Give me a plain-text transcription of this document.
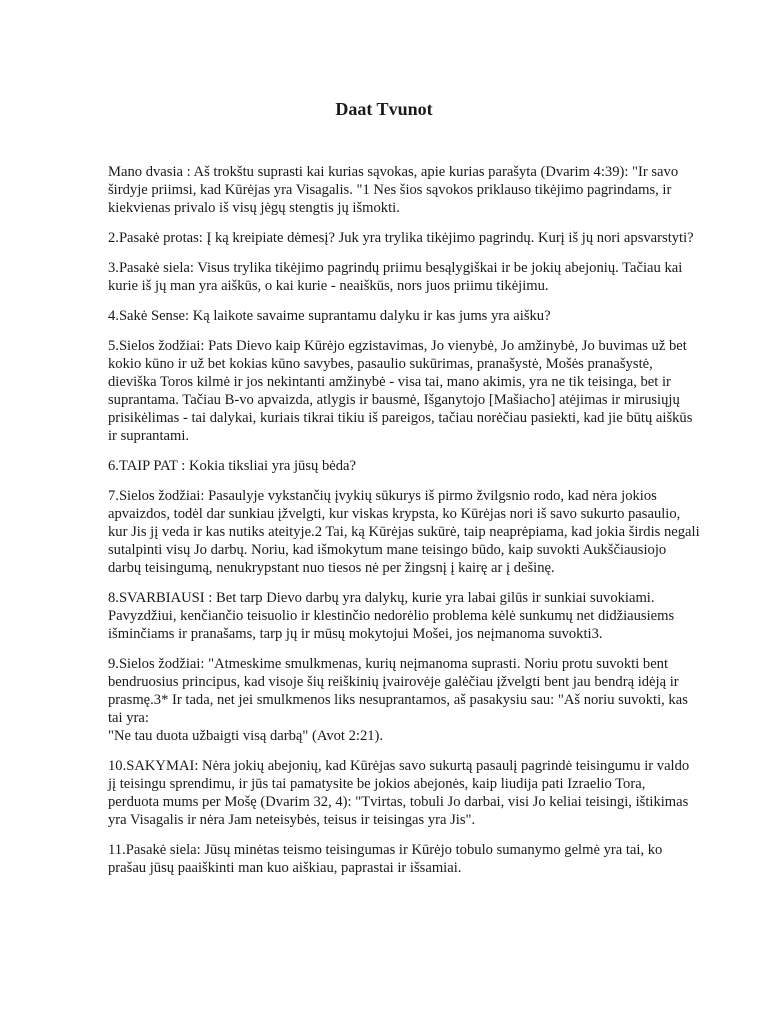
Daat Tvunot

Mano dvasia : Aš trokštu suprasti kai kurias sąvokas, apie kurias parašyta (Dvarim 4:39): "Ir savo širdyje priimsi, kad Kūrėjas yra Visagalis. "1 Nes šios sąvokos priklauso tikėjimo pagrindams, ir kiekvienas privalo iš visų jėgų stengtis jų išmokti.

2.Pasakė protas: Į ką kreipiate dėmesį? Juk yra trylika tikėjimo pagrindų. Kurį iš jų nori apsvarstyti?

3.Pasakė siela: Visus trylika tikėjimo pagrindų priimu besąlygiškai ir be jokių abejonių. Tačiau kai kurie iš jų man yra aiškūs, o kai kurie - neaiškūs, nors juos priimu tikėjimu.

4.Sakė Sense: Ką laikote savaime suprantamu dalyku ir kas jums yra aišku?

5.Sielos žodžiai: Pats Dievo kaip Kūrėjo egzistavimas, Jo vienybė, Jo amžinybė, Jo buvimas už bet kokio kūno ir už bet kokias kūno savybes, pasaulio sukūrimas, pranašystė, Mošės pranašystė, dieviška Toros kilmė ir jos nekintanti amžinybė - visa tai, mano akimis, yra ne tik teisinga, bet ir suprantama. Tačiau B-vo apvaizda, atlygis ir bausmė, Išganytojo [Mašiacho] atėjimas ir mirusiųjų prisikėlimas - tai dalykai, kuriais tikrai tikiu iš pareigos, tačiau norėčiau pasiekti, kad jie būtų aiškūs ir suprantami.

6.TAIP PAT : Kokia tiksliai yra jūsų bėda?

7.Sielos žodžiai: Pasaulyje vykstančių įvykių sūkurys iš pirmo žvilgsnio rodo, kad nėra jokios apvaizdos, todėl dar sunkiau įžvelgti, kur viskas krypsta, ko Kūrėjas nori iš savo sukurto pasaulio, kur Jis jį veda ir kas nutiks ateityje.2 Tai, ką Kūrėjas sukūrė, taip neaprėpiama, kad jokia širdis negali sutalpinti visų Jo darbų. Noriu, kad išmokytum mane teisingo būdo, kaip suvokti Aukščiausiojo darbų teisingumą, nenukrypstant nuo tiesos nė per žingsnį į kairę ar į dešinę.

8.SVARBIAUSI : Bet tarp Dievo darbų yra dalykų, kurie yra labai gilūs ir sunkiai suvokiami. Pavyzdžiui, kenčiančio teisuolio ir klestinčio nedorėlio problema kėlė sunkumų net didžiausiems išminčiams ir pranašams, tarp jų ir mūsų mokytojui Mošei, jos neįmanoma suvokti3.

9.Sielos žodžiai: "Atmeskime smulkmenas, kurių neįmanoma suprasti. Noriu protu suvokti bent bendruosius principus, kad visoje šių reiškinių įvairovėje galėčiau įžvelgti bent jau bendrą idėją ir prasmę.3* Ir tada, net jei smulkmenos liks nesuprantamos, aš pasakysiu sau: "Aš noriu suvokti, kas tai yra:
"Ne tau duota užbaigti visą darbą" (Avot 2:21).

10.SAKYMAI: Nėra jokių abejonių, kad Kūrėjas savo sukurtą pasaulį pagrindė teisingumu ir valdo jį teisingu sprendimu, ir jūs tai pamatysite be jokios abejonės, kaip liudija pati Izraelio Tora, perduota mums per Mošę (Dvarim 32, 4): "Tvirtas, tobuli Jo darbai, visi Jo keliai teisingi, ištikimas yra Visagalis ir nėra Jam neteisybės, teisus ir teisingas yra Jis".

11.Pasakė siela: Jūsų minėtas teismo teisingumas ir Kūrėjo tobulo sumanymo gelmė yra tai, ko prašau jūsų paaiškinti man kuo aiškiau, paprastai ir išsamiai.
